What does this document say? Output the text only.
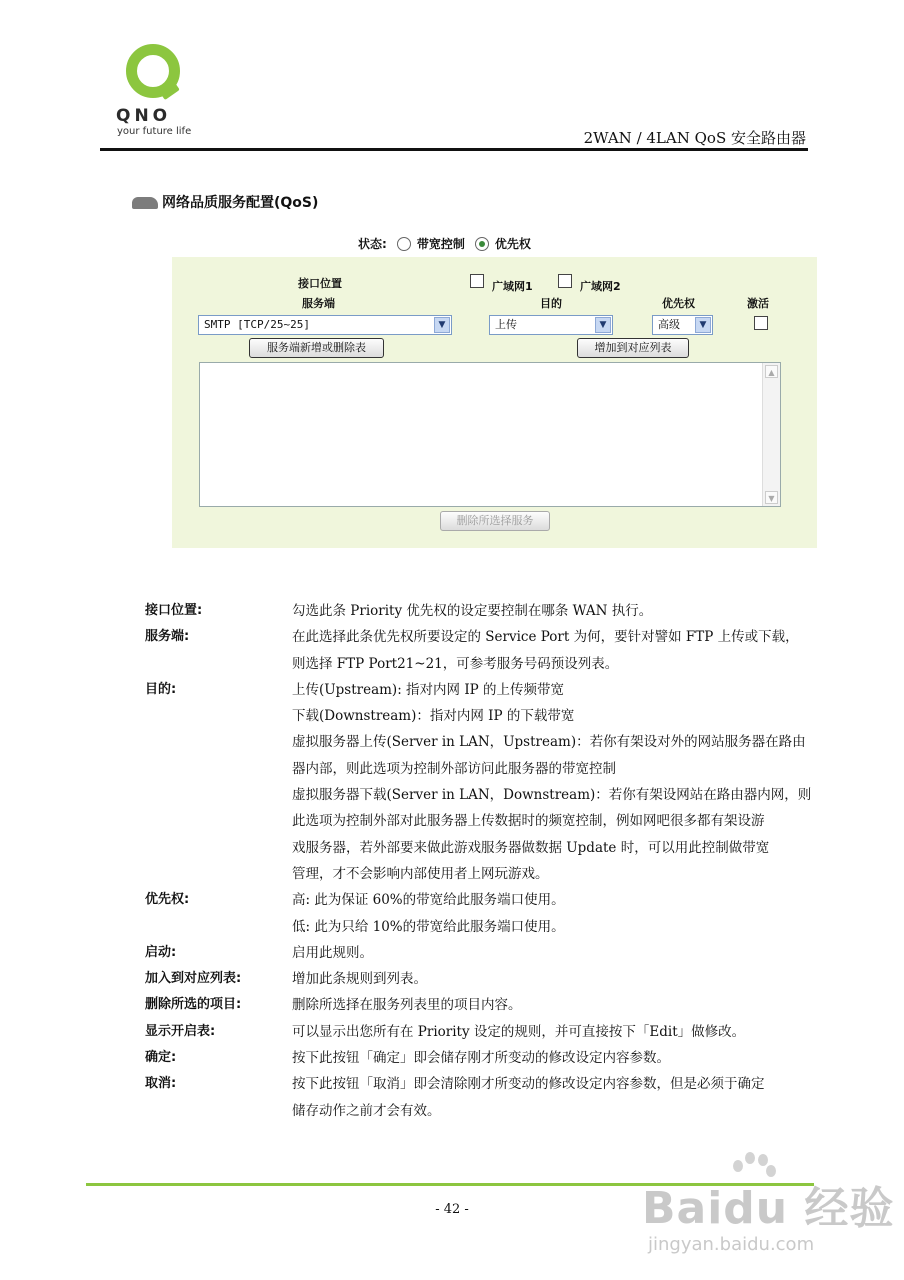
QNO
your future life	2WAN / 4LAN QoS 安全路由器
网络品质服务配置(QoS)
状态:	带宽控制	优先权
接口位置
服务端
广域网1	广域网2
目的	优先权	激活
SMTP [TCP/25~25]	▼	上传	▼	高级	▼
服务端新增或删除表	增加到对应列表
▲
▼
删除所选择服务
接口位置:	勾选此条 Priority 优先权的设定要控制在哪条 WAN 执行。
服务端:	在此选择此条优先权所要设定的 Service Port 为何，要针对譬如 FTP 上传或下载，
则选择 FTP Port21~21，可参考服务号码预设列表。
目的:	上传(Upstream): 指对内网 IP 的上传频带宽
下载(Downstream)：指对内网 IP 的下载带宽
虚拟服务器上传(Server in LAN，Upstream)：若你有架设对外的网站服务器在路由
器内部，则此选项为控制外部访问此服务器的带宽控制
虚拟服务器下载(Server in LAN，Downstream)：若你有架设网站在路由器内网，则
此选项为控制外部对此服务器上传数据时的频宽控制，例如网吧很多都有架设游
戏服务器，若外部要来做此游戏服务器做数据 Update 时，可以用此控制做带宽
管理，才不会影响内部使用者上网玩游戏。
优先权:	高: 此为保证 60%的带宽给此服务端口使用。
低: 此为只给 10%的带宽给此服务端口使用。
启动:	启用此规则。
加入到对应列表:	增加此条规则到列表。
删除所选的项目:	删除所选择在服务列表里的项目内容。
显示开启表:	可以显示出您所有在 Priority 设定的规则，并可直接按下「Edit」做修改。
确定:	按下此按钮「确定」即会储存刚才所变动的修改设定内容参数。
取消:	按下此按钮「取消」即会清除刚才所变动的修改设定内容参数，但是必须于确定
储存动作之前才会有效。
- 42 -	Baidu 经验
jingyan.baidu.com
